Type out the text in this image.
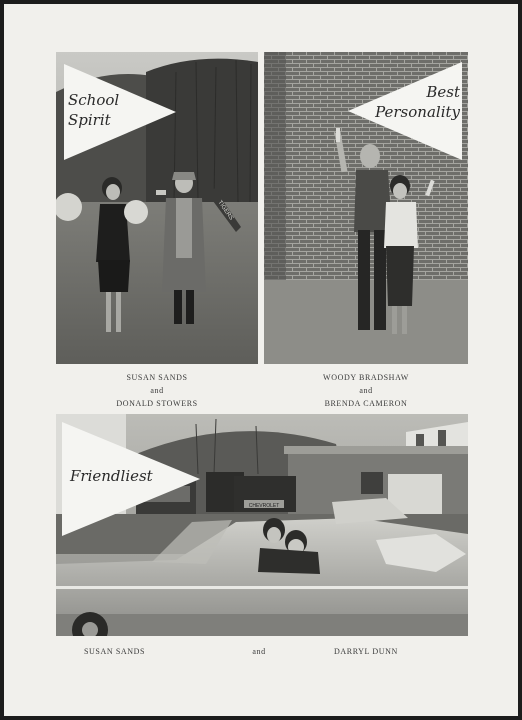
TIGERS
School
Spirit
Best
Personality
SUSAN SANDS
and
DONALD STOWERS
WOODY BRADSHAW
and
BRENDA CAMERON
CHEVROLET
Friendliest
SUSAN SANDS	and	DARRYL DUNN
